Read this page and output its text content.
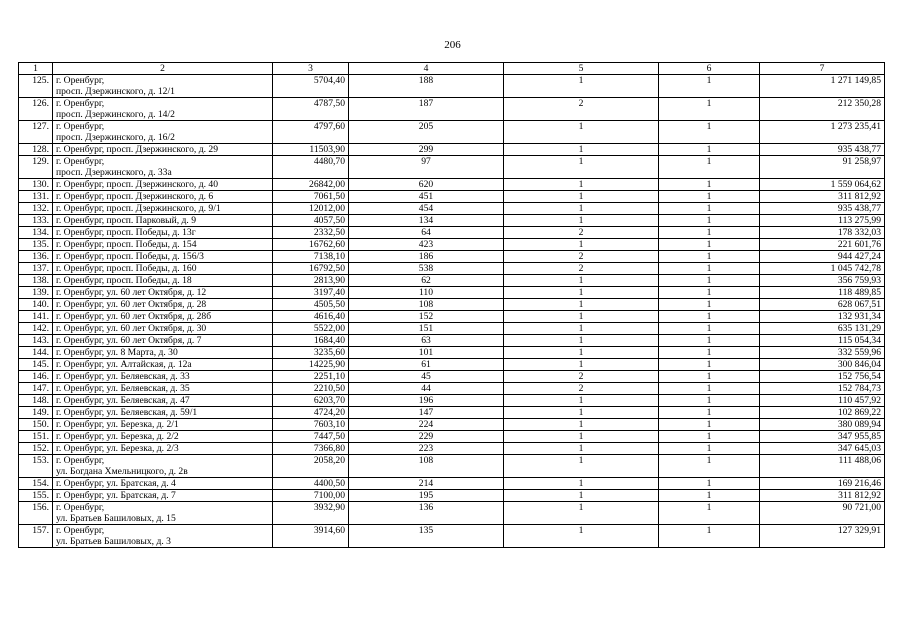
206
1	2	3	4	5	6	7
125.	г. Оренбург,
просп. Дзержинского, д. 12/1	5704,40	188	1	1	1 271 149,85
126.	г. Оренбург,
просп. Дзержинского, д. 14/2	4787,50	187	2	1	212 350,28
127.	г. Оренбург,
просп. Дзержинского, д. 16/2	4797,60	205	1	1	1 273 235,41
128.	г. Оренбург, просп. Дзержинского, д. 29	11503,90	299	1	1	935 438,77
129.	г. Оренбург,
просп. Дзержинского, д. 33а	4480,70	97	1	1	91 258,97
130.	г. Оренбург, просп. Дзержинского, д. 40	26842,00	620	1	1	1 559 064,62
131.	г. Оренбург, просп. Дзержинского, д. 6	7061,50	451	1	1	311 812,92
132.	г. Оренбург, просп. Дзержинского, д. 9/1	12012,00	454	1	1	935 438,77
133.	г. Оренбург, просп. Парковый, д. 9	4057,50	134	1	1	113 275,99
134.	г. Оренбург, просп. Победы, д. 13г	2332,50	64	2	1	178 332,03
135.	г. Оренбург, просп. Победы, д. 154	16762,60	423	1	1	221 601,76
136.	г. Оренбург, просп. Победы, д. 156/3	7138,10	186	2	1	944 427,24
137.	г. Оренбург, просп. Победы, д. 160	16792,50	538	2	1	1 045 742,78
138.	г. Оренбург, просп. Победы, д. 18	2813,90	62	1	1	356 759,93
139.	г. Оренбург, ул. 60 лет Октября, д. 12	3197,40	110	1	1	118 489,85
140.	г. Оренбург, ул. 60 лет Октября, д. 28	4505,50	108	1	1	628 067,51
141.	г. Оренбург, ул. 60 лет Октября, д. 28б	4616,40	152	1	1	132 931,34
142.	г. Оренбург, ул. 60 лет Октября, д. 30	5522,00	151	1	1	635 131,29
143.	г. Оренбург, ул. 60 лет Октября, д. 7	1684,40	63	1	1	115 054,34
144.	г. Оренбург, ул. 8 Марта, д. 30	3235,60	101	1	1	332 559,96
145.	г. Оренбург, ул. Алтайская, д. 12а	14225,90	61	1	1	300 846,04
146.	г. Оренбург, ул. Беляевская, д. 33	2251,10	45	2	1	152 756,54
147.	г. Оренбург, ул. Беляевская, д. 35	2210,50	44	2	1	152 784,73
148.	г. Оренбург, ул. Беляевская, д. 47	6203,70	196	1	1	110 457,92
149.	г. Оренбург, ул. Беляевская, д. 59/1	4724,20	147	1	1	102 869,22
150.	г. Оренбург, ул. Березка, д. 2/1	7603,10	224	1	1	380 089,94
151.	г. Оренбург, ул. Березка, д. 2/2	7447,50	229	1	1	347 955,85
152.	г. Оренбург, ул. Березка, д. 2/3	7366,80	223	1	1	347 645,03
153.	г. Оренбург,
ул. Богдана Хмельницкого, д. 2в	2058,20	108	1	1	111 488,06
154.	г. Оренбург, ул. Братская, д. 4	4400,50	214	1	1	169 216,46
155.	г. Оренбург, ул. Братская, д. 7	7100,00	195	1	1	311 812,92
156.	г. Оренбург,
ул. Братьев Башиловых, д. 15	3932,90	136	1	1	90 721,00
157.	г. Оренбург,
ул. Братьев Башиловых, д. 3	3914,60	135	1	1	127 329,91
